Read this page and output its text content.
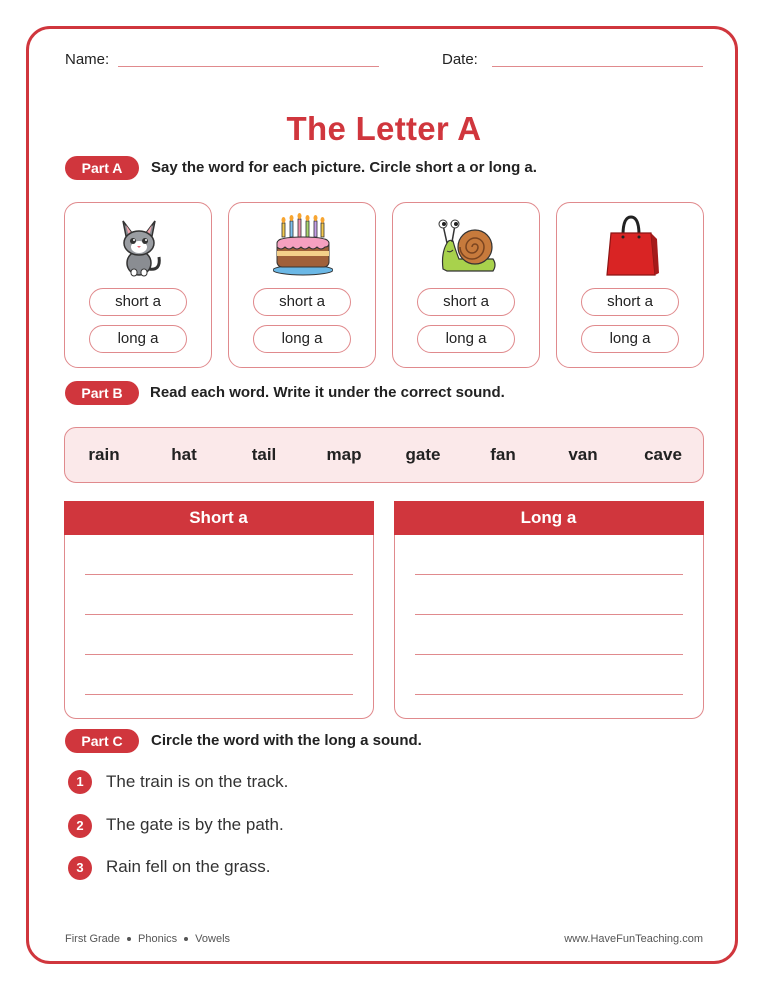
Name:	Date:
The Letter A
Part A	Say the word for each picture. Circle short a or long a.
short a
long a
short a
long a
short a
long a
short a
long a
Part B	Read each word. Write it under the correct sound.
rain	hat	tail	map	gate	fan	van	cave
Short a	Long a
Part C	Circle the word with the long a sound.
1	The train is on the track.
2	The gate is by the path.
3	Rain fell on the grass.
First Grade Phonics Vowels	www.HaveFunTeaching.com
